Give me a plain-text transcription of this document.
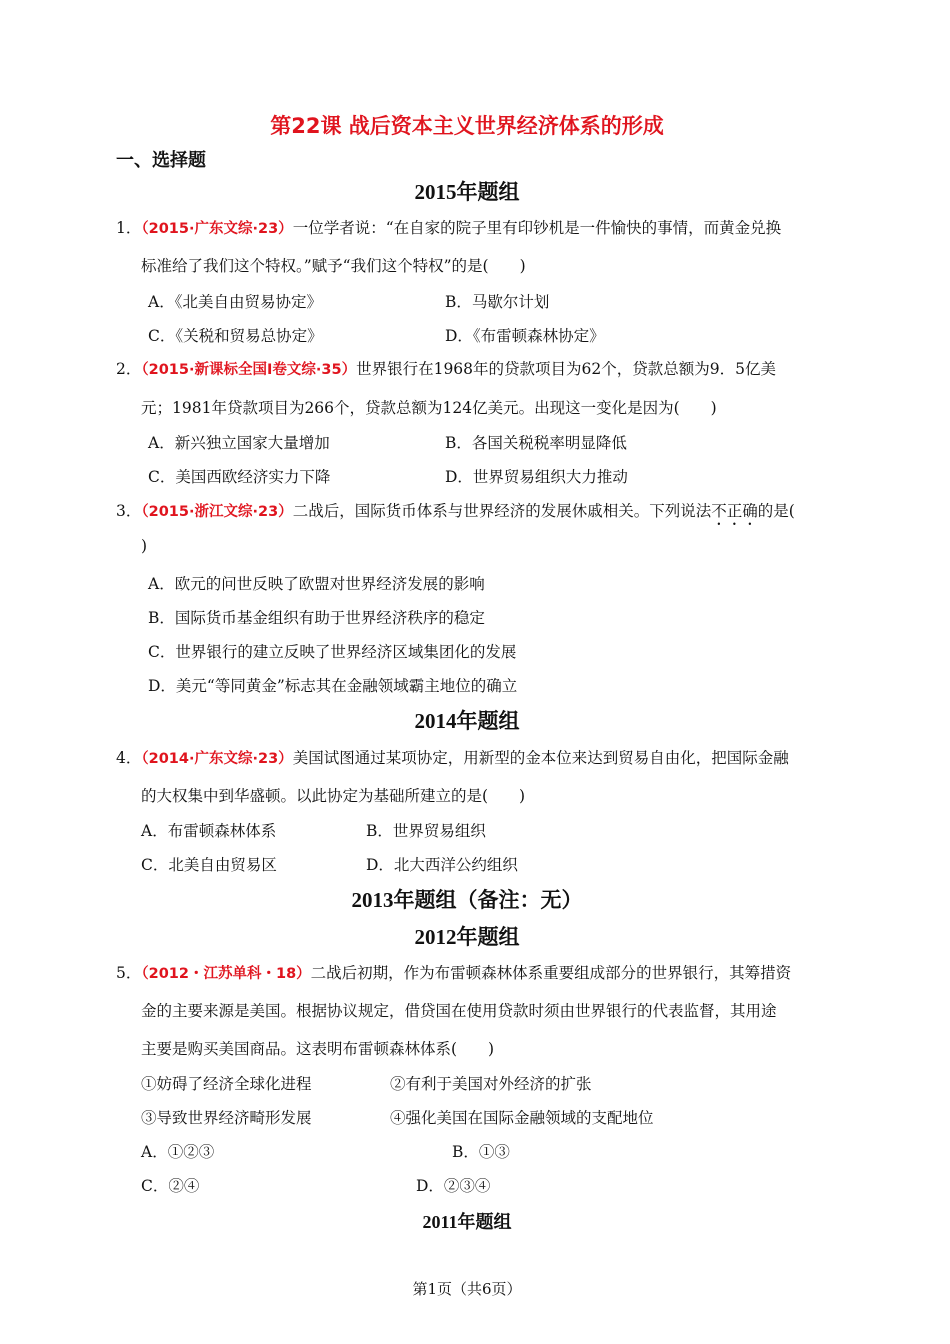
第22课 战后资本主义世界经济体系的形成
一、选择题
2015年题组
1．（2015·广东文综·23）一位学者说：“在自家的院子里有印钞机是一件愉快的事情，而黄金兑换
标准给了我们这个特权。”赋予“我们这个特权”的是(　　)
A．《北美自由贸易协定》	B．马歇尔计划
C．《关税和贸易总协定》	D．《布雷顿森林协定》
2．（2015·新课标全国Ⅰ卷文综·35）世界银行在1968年的贷款项目为62个，贷款总额为9．5亿美
元；1981年贷款项目为266个，贷款总额为124亿美元。出现这一变化是因为(　　)
A．新兴独立国家大量增加	B．各国关税税率明显降低
C．美国西欧经济实力下降	D．世界贸易组织大力推动
3．（2015·浙江文综·23）二战后，国际货币体系与世界经济的发展休戚相关。下列说法不正确的是(
)
A．欧元的问世反映了欧盟对世界经济发展的影响
B．国际货币基金组织有助于世界经济秩序的稳定
C．世界银行的建立反映了世界经济区域集团化的发展
D．美元“等同黄金”标志其在金融领域霸主地位的确立
2014年题组
4．（2014·广东文综·23）美国试图通过某项协定，用新型的金本位来达到贸易自由化，把国际金融
的大权集中到华盛顿。以此协定为基础所建立的是(　　)
A．布雷顿森林体系	B．世界贸易组织
C．北美自由贸易区	D．北大西洋公约组织
2013年题组（备注：无）
2012年题组
5．（2012・江苏单科・18）二战后初期，作为布雷顿森林体系重要组成部分的世界银行，其筹措资
金的主要来源是美国。根据协议规定，借贷国在使用贷款时须由世界银行的代表监督，其用途
主要是购买美国商品。这表明布雷顿森林体系(　　)
①妨碍了经济全球化进程	②有利于美国对外经济的扩张
③导致世界经济畸形发展	④强化美国在国际金融领域的支配地位
A．①②③	B．①③
C．②④	D．②③④
2011年题组
第1页（共6页）
